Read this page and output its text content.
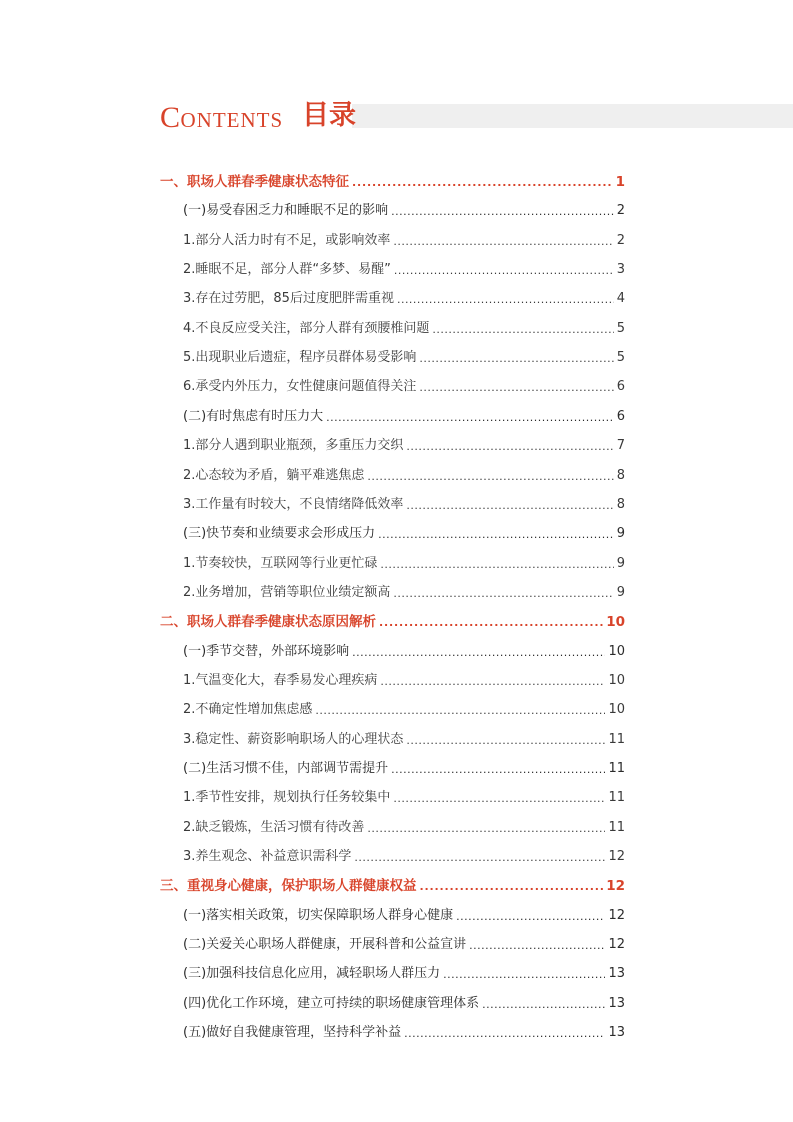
CONTENTS 目录
一、职场人群春季健康状态特征 . . .	1
(一)易受春困乏力和睡眠不足的影响 . . .	2
1.部分人活力时有不足，或影响效率 . . .	2
2.睡眠不足，部分人群“多梦、易醒” . . .	3
3.存在过劳肥，85后过度肥胖需重视 . . .	4
4.不良反应受关注，部分人群有颈腰椎问题 . . .	5
5.出现职业后遗症，程序员群体易受影响 . . .	5
6.承受内外压力，女性健康问题值得关注 . . .	6
(二)有时焦虑有时压力大 . . .	6
1.部分人遇到职业瓶颈，多重压力交织 . . .	7
2.心态较为矛盾，躺平难逃焦虑 . . .	8
3.工作量有时较大，不良情绪降低效率 . . .	8
(三)快节奏和业绩要求会形成压力 . . .	9
1.节奏较快，互联网等行业更忙碌 . . .	9
2.业务增加，营销等职位业绩定额高 . . .	9
二、职场人群春季健康状态原因解析 . . .	10
(一)季节交替，外部环境影响 . . .	10
1.气温变化大，春季易发心理疾病 . . .	10
2.不确定性增加焦虑感 . . .	10
3.稳定性、薪资影响职场人的心理状态 . . .	11
(二)生活习惯不佳，内部调节需提升 . . .	11
1.季节性安排，规划执行任务较集中 . . .	11
2.缺乏锻炼，生活习惯有待改善 . . .	11
3.养生观念、补益意识需科学 . . .	12
三、重视身心健康，保护职场人群健康权益 . . .	12
(一)落实相关政策，切实保障职场人群身心健康 . . .	12
(二)关爱关心职场人群健康，开展科普和公益宣讲 . . .	12
(三)加强科技信息化应用，减轻职场人群压力 . . .	13
(四)优化工作环境，建立可持续的职场健康管理体系 . . .	13
(五)做好自我健康管理，坚持科学补益 . . .	13
